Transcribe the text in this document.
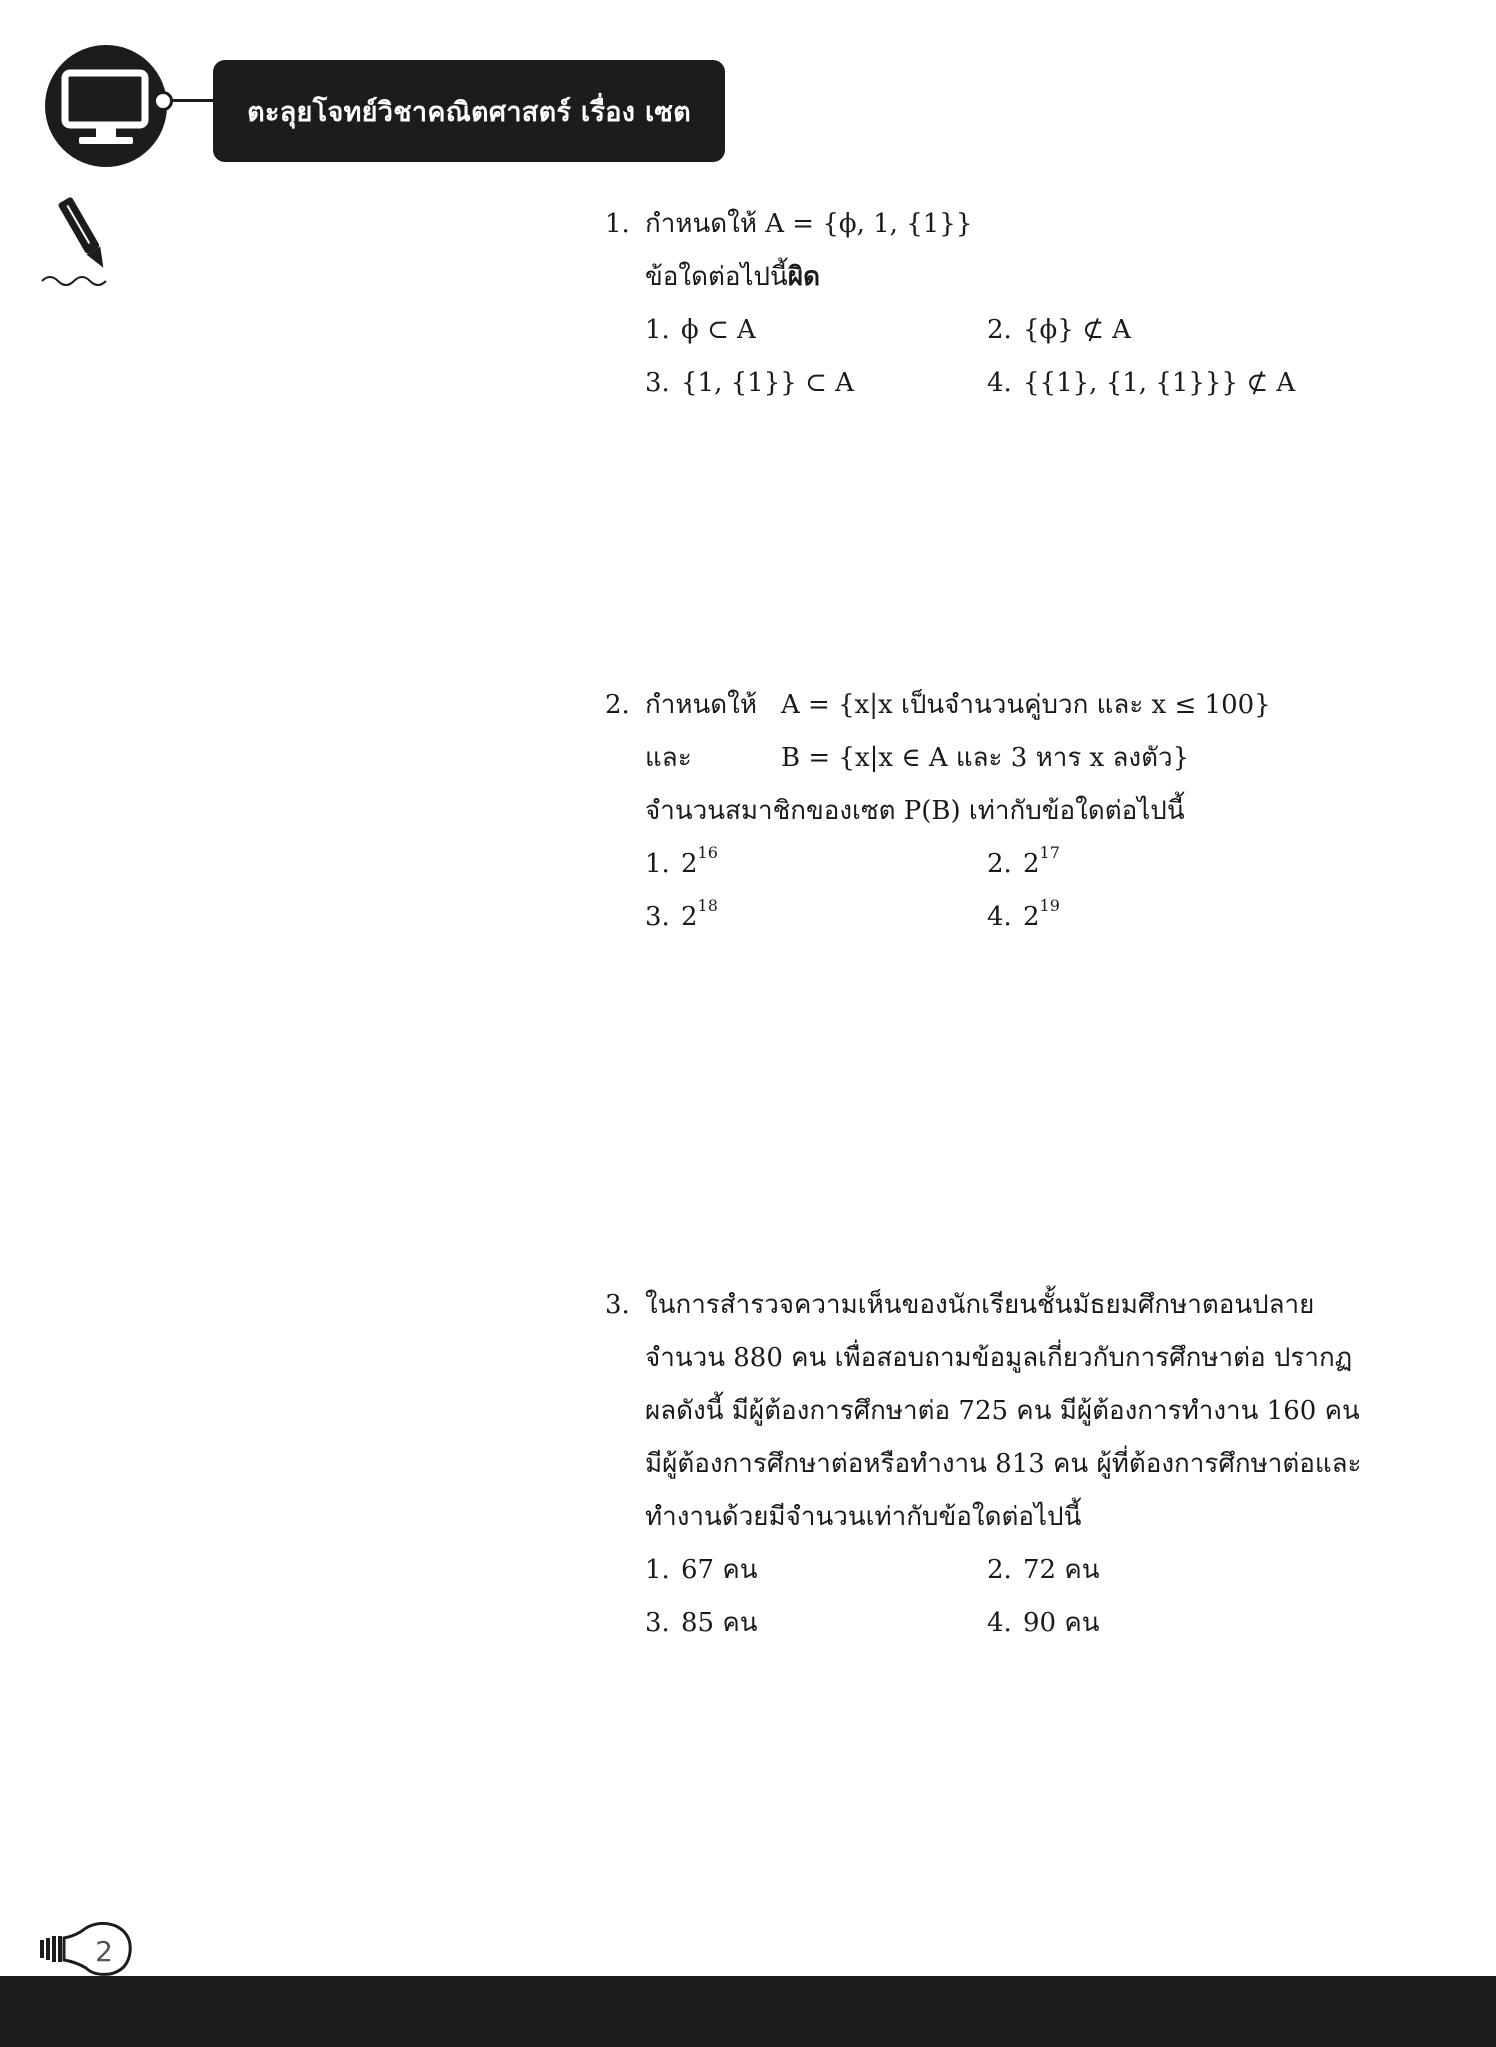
ตะลุยโจทย์วิชาคณิตศาสตร์ เรื่อง เซต
1. กำหนดให้ A = {ϕ, 1, {1}}
ข้อใดต่อไปนี้ผิด
1. ϕ ⊂ A	2. {ϕ} ⊄ A
3. {1, {1}} ⊂ A	4. {{1}, {1, {1}}} ⊄ A
2. กำหนดให้ A = {x|x เป็นจำนวนคู่บวก และ x ≤ 100}
และ	B = {x|x ∈ A และ 3 หาร x ลงตัว}
จำนวนสมาชิกของเซต P(B) เท่ากับข้อใดต่อไปนี้
1. $2^{16}$	2. $2^{17}$
3. $2^{18}$	4. $2^{19}$
3. ในการสำรวจความเห็นของนักเรียนชั้นมัธยมศึกษาตอนปลาย
จำนวน 880 คน เพื่อสอบถามข้อมูลเกี่ยวกับการศึกษาต่อ ปรากฏ
ผลดังนี้ มีผู้ต้องการศึกษาต่อ 725 คน มีผู้ต้องการทำงาน 160 คน
มีผู้ต้องการศึกษาต่อหรือทำงาน 813 คน ผู้ที่ต้องการศึกษาต่อและ
ทำงานด้วยมีจำนวนเท่ากับข้อใดต่อไปนี้
1. 67 คน	2. 72 คน
3. 85 คน	4. 90 คน
2
